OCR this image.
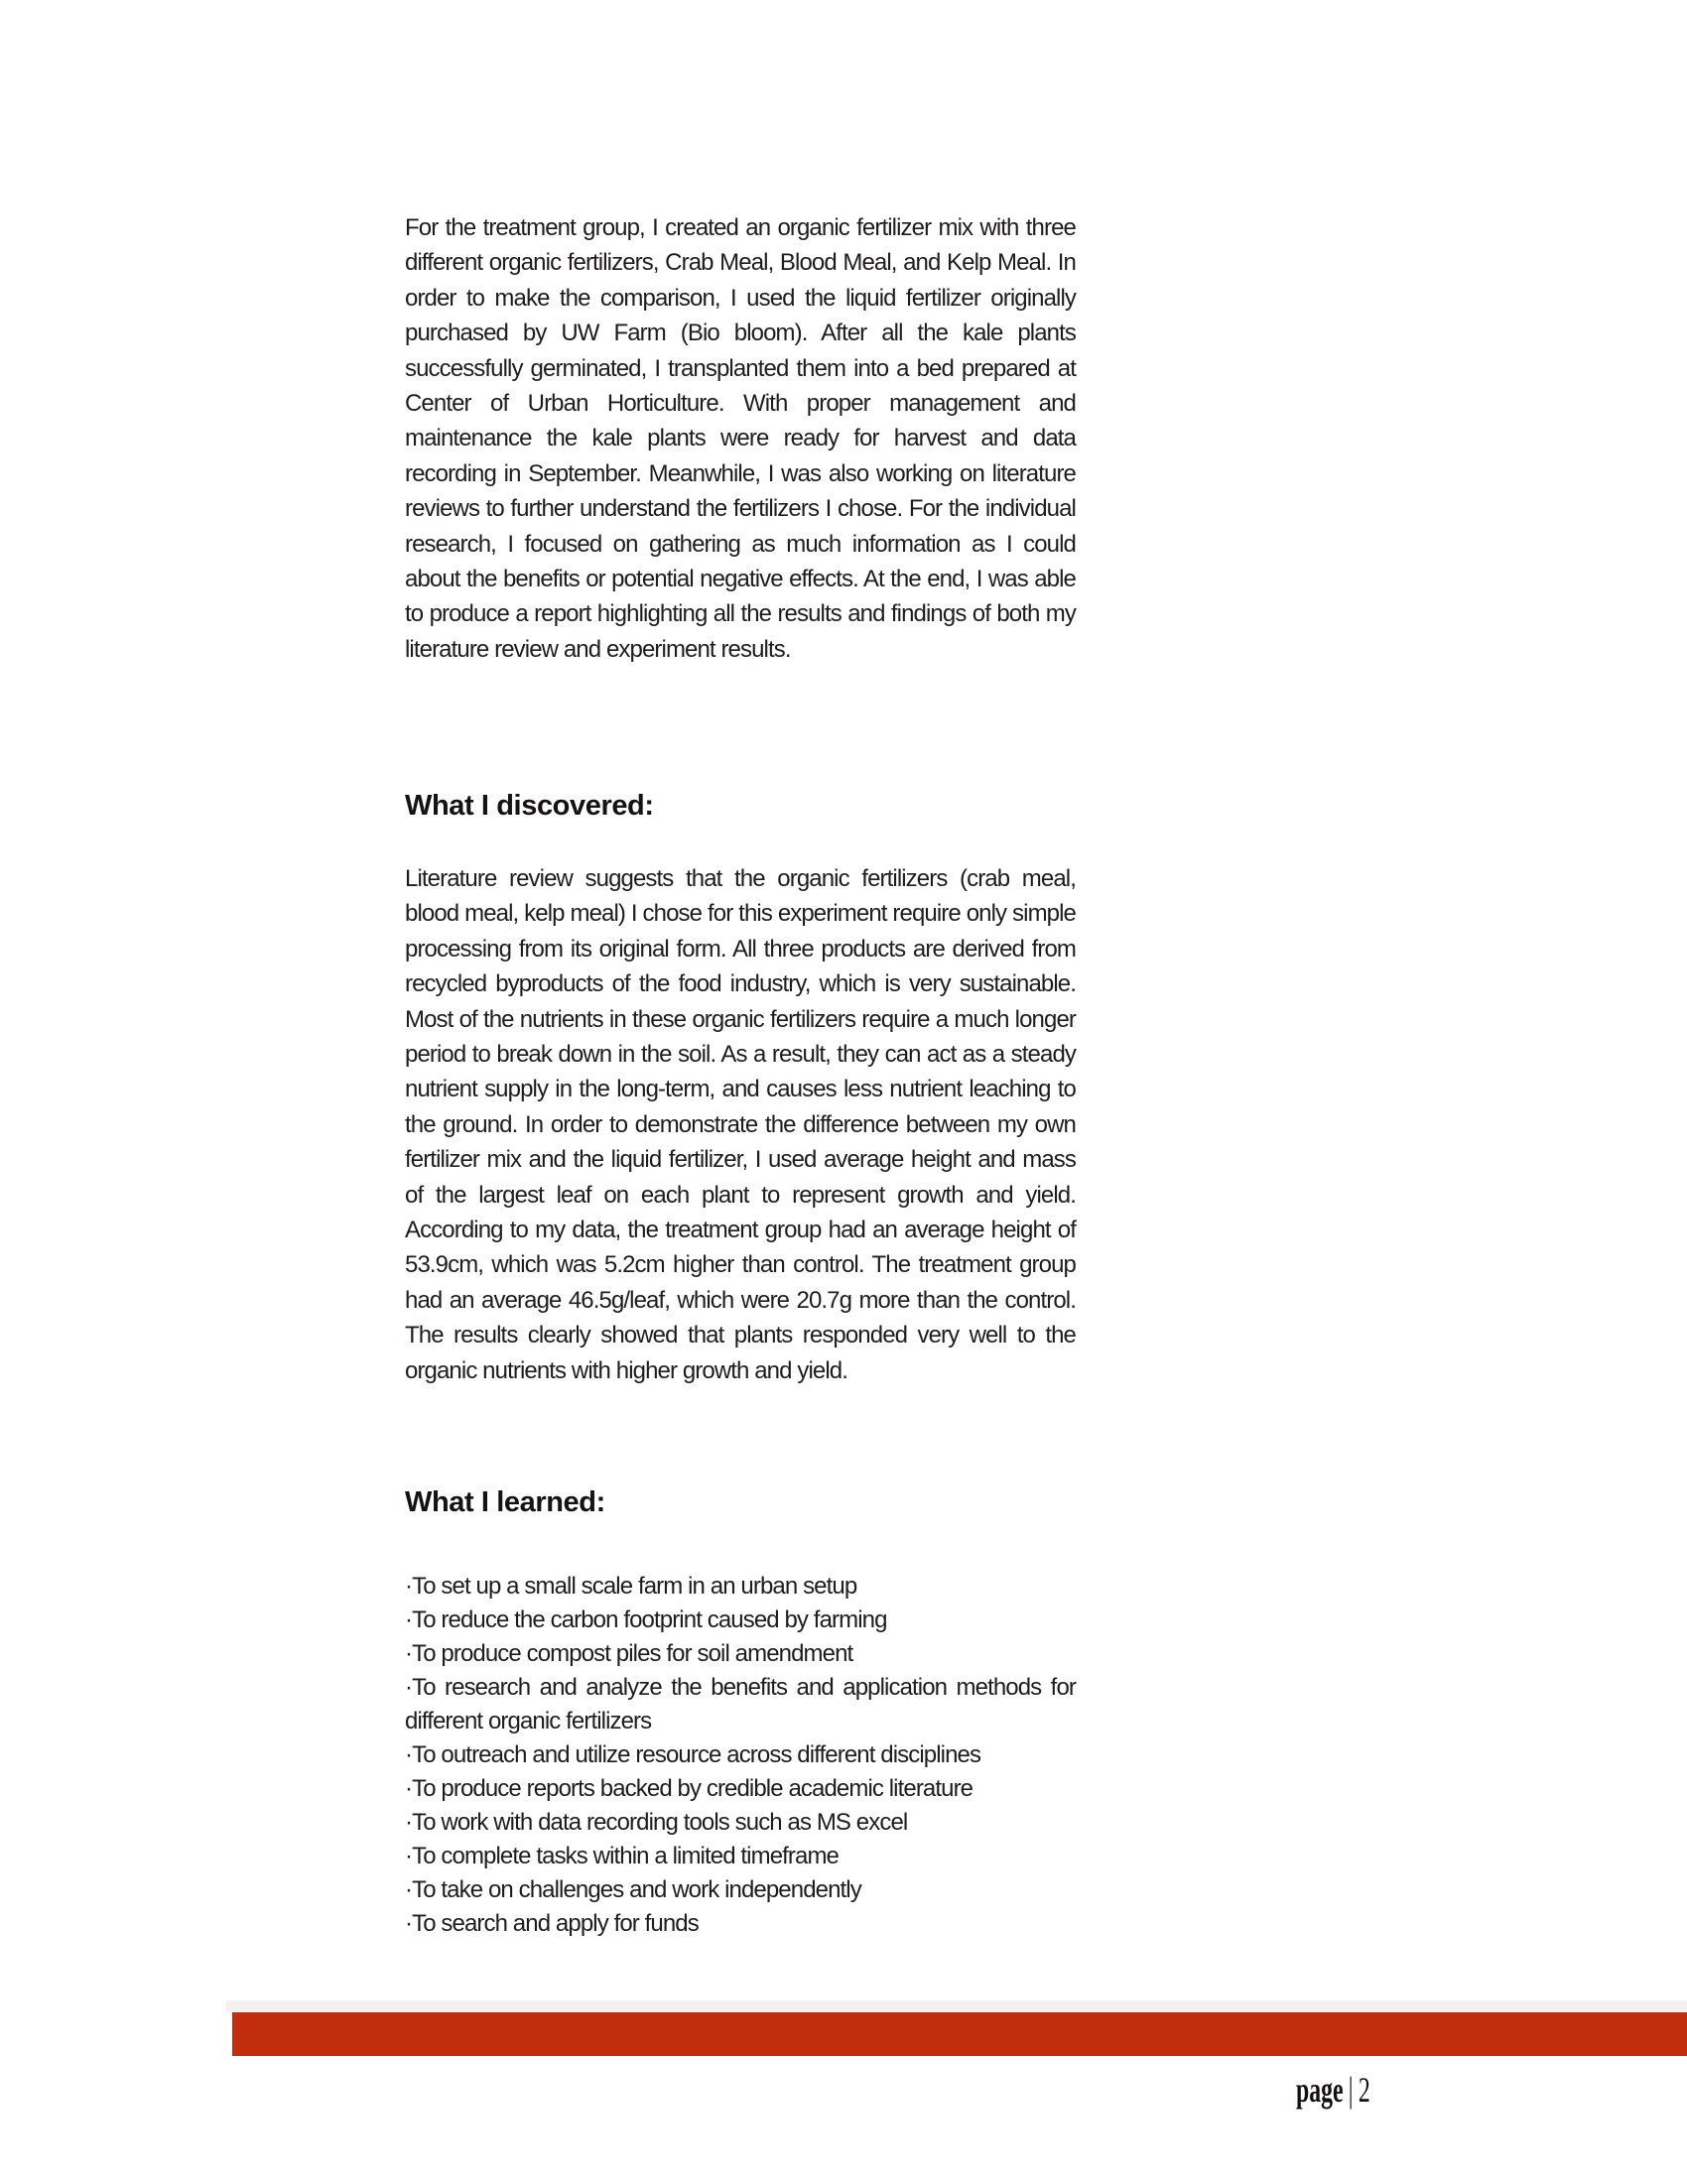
For the treatment group, I created an organic fertilizer mix with three different organic fertilizers, Crab Meal, Blood Meal, and Kelp Meal. In order to make the comparison, I used the liquid fertilizer originally purchased by UW Farm (Bio bloom). After all the kale plants successfully germinated, I transplanted them into a bed prepared at Center of Urban Horticulture. With proper management and maintenance the kale plants were ready for harvest and data recording in September. Meanwhile, I was also working on literature reviews to further understand the fertilizers I chose. For the individual research, I focused on gathering as much information as I could about the benefits or potential negative effects. At the end, I was able to produce a report highlighting all the results and findings of both my literature review and experiment results.

What I discovered:

Literature review suggests that the organic fertilizers (crab meal, blood meal, kelp meal) I chose for this experiment require only simple processing from its original form. All three products are derived from recycled byproducts of the food industry, which is very sustainable. Most of the nutrients in these organic fertilizers require a much longer period to break down in the soil. As a result, they can act as a steady nutrient supply in the long-term, and causes less nutrient leaching to the ground. In order to demonstrate the difference between my own fertilizer mix and the liquid fertilizer, I used average height and mass of the largest leaf on each plant to represent growth and yield. According to my data, the treatment group had an average height of 53.9cm, which was 5.2cm higher than control. The treatment group had an average 46.5g/leaf, which were 20.7g more than the control. The results clearly showed that plants responded very well to the organic nutrients with higher growth and yield.

What I learned:
·To set up a small scale farm in an urban setup
·To reduce the carbon footprint caused by farming
·To produce compost piles for soil amendment
·To research and analyze the benefits and application methods for different organic fertilizers
·To outreach and utilize resource across different disciplines
·To produce reports backed by credible academic literature
·To work with data recording tools such as MS excel
·To complete tasks within a limited timeframe
·To take on challenges and work independently
·To search and apply for funds
page | 2
